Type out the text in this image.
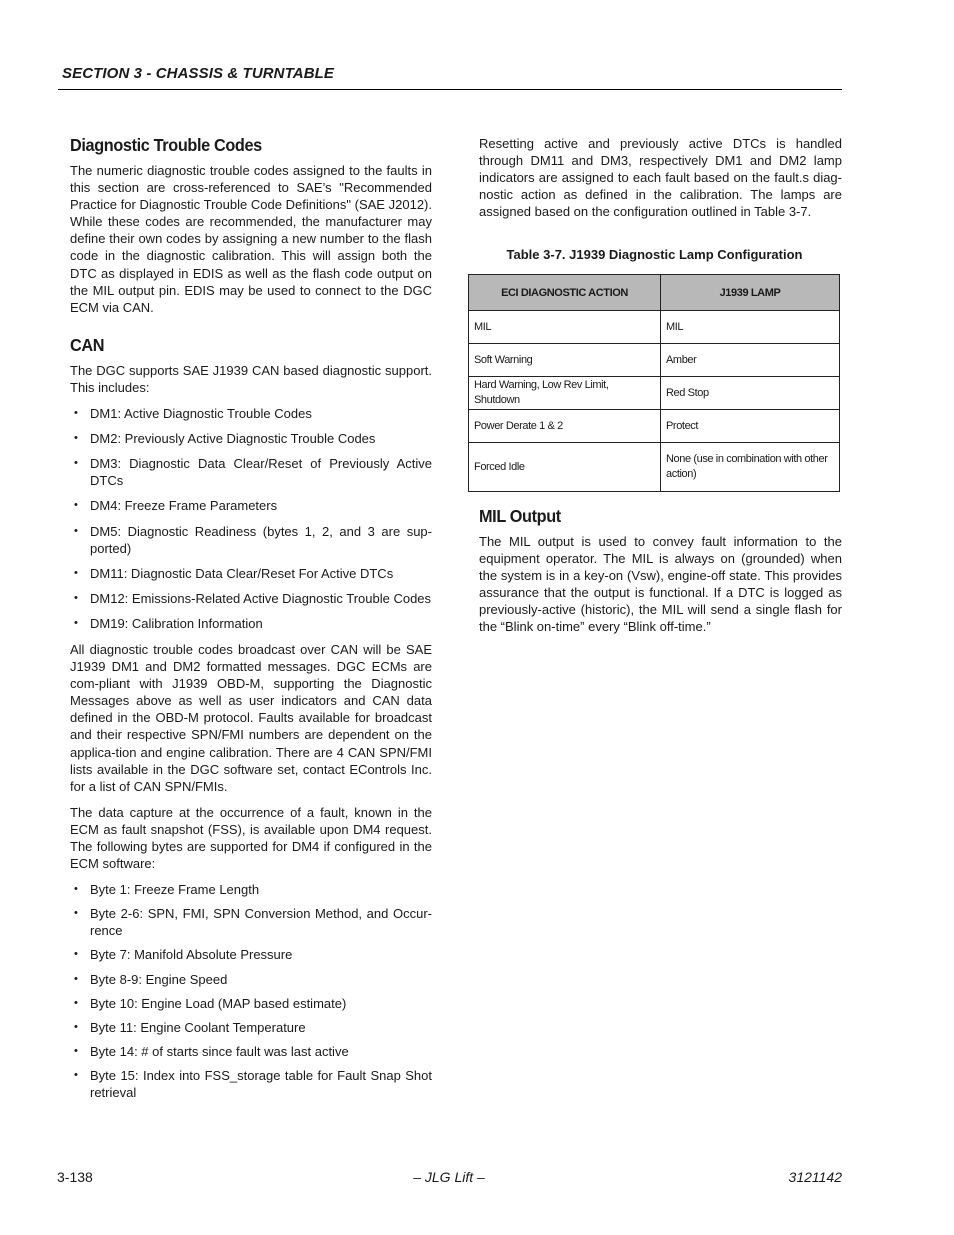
SECTION 3 - CHASSIS & TURNTABLE
Diagnostic Trouble Codes

The numeric diagnostic trouble codes assigned to the faults in this section are cross-referenced to SAE’s "Recommended Practice for Diagnostic Trouble Code Definitions" (SAE J2012). While these codes are recommended, the manufacturer may define their own codes by assigning a new number to the flash code in the diagnostic calibration. This will assign both the DTC as displayed in EDIS as well as the flash code output on the MIL output pin. EDIS may be used to connect to the DGC ECM via CAN.

CAN

The DGC supports SAE J1939 CAN based diagnostic support. This includes:

• DM1: Active Diagnostic Trouble Codes
• DM2: Previously Active Diagnostic Trouble Codes
• DM3: Diagnostic Data Clear/Reset of Previously Active DTCs
• DM4: Freeze Frame Parameters
• DM5: Diagnostic Readiness (bytes 1, 2, and 3 are sup-ported)
• DM11: Diagnostic Data Clear/Reset For Active DTCs
• DM12: Emissions-Related Active Diagnostic Trouble Codes
• DM19: Calibration Information

All diagnostic trouble codes broadcast over CAN will be SAE J1939 DM1 and DM2 formatted messages. DGC ECMs are com-pliant with J1939 OBD-M, supporting the Diagnostic Messages above as well as user indicators and CAN data defined in the OBD-M protocol. Faults available for broadcast and their respective SPN/FMI numbers are dependent on the applica-tion and engine calibration. There are 4 CAN SPN/FMI lists available in the DGC software set, contact EControls Inc. for a list of CAN SPN/FMIs.

The data capture at the occurrence of a fault, known in the ECM as fault snapshot (FSS), is available upon DM4 request. The following bytes are supported for DM4 if configured in the ECM software:

• Byte 1: Freeze Frame Length
• Byte 2-6: SPN, FMI, SPN Conversion Method, and Occur-rence
• Byte 7: Manifold Absolute Pressure
• Byte 8-9: Engine Speed
• Byte 10: Engine Load (MAP based estimate)
• Byte 11: Engine Coolant Temperature
• Byte 14: # of starts since fault was last active
• Byte 15: Index into FSS_storage table for Fault Snap Shot retrieval

Resetting active and previously active DTCs is handled through DM11 and DM3, respectively DM1 and DM2 lamp indicators are assigned to each fault based on the fault.s diag-nostic action as defined in the calibration. The lamps are assigned based on the configuration outlined in Table 3-7.

Table 3-7. J1939 Diagnostic Lamp Configuration
ECI DIAGNOSTIC ACTION	J1939 LAMP
MIL	MIL
Soft Warning	Amber
Hard Warning, Low Rev Limit, Shutdown	Red Stop
Power Derate 1 & 2	Protect
Forced Idle	None (use in combination with other action)
MIL Output

The MIL output is used to convey fault information to the equipment operator. The MIL is always on (grounded) when the system is in a key-on (Vsw), engine-off state. This provides assurance that the output is functional. If a DTC is logged as previously-active (historic), the MIL will send a single flash for the “Blink on-time” every “Blink off-time.”

3-138	– JLG Lift –	3121142
